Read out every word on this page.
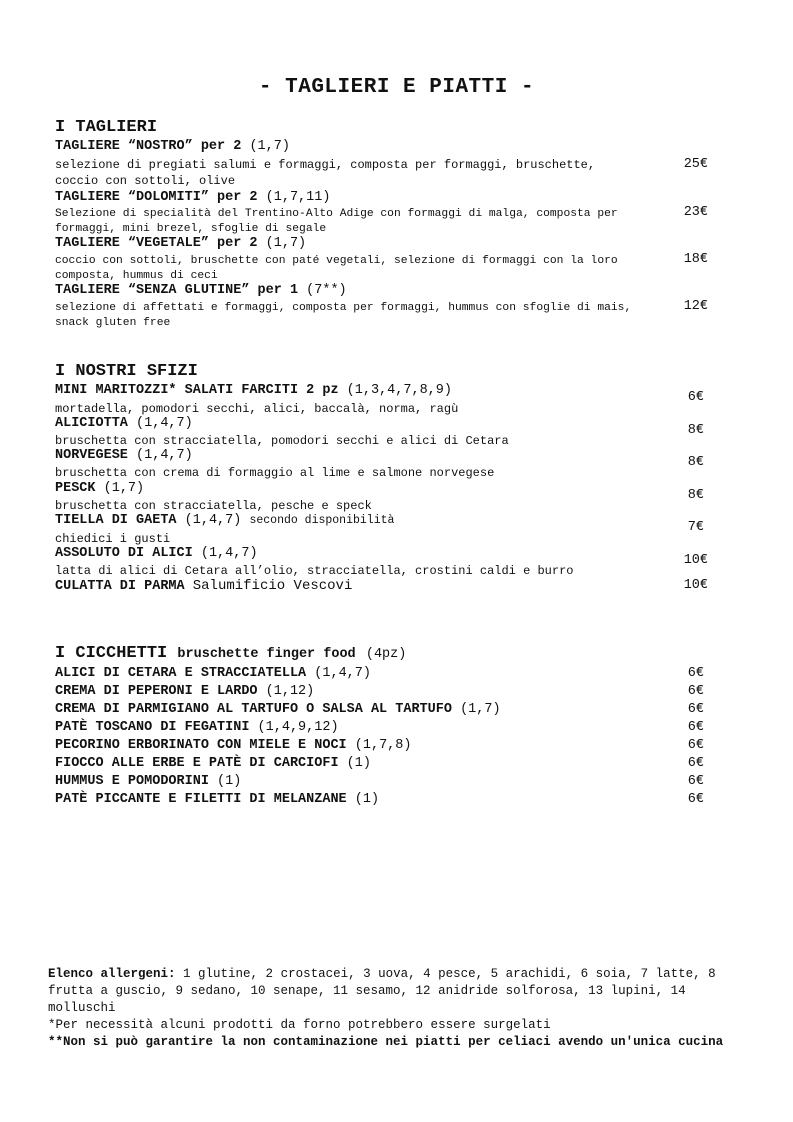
- TAGLIERI E PIATTI -
I TAGLIERI
TAGLIERE “NOSTRO” per 2 (1,7)
selezione di pregiati salumi e formaggi, composta per formaggi, bruschette, coccio con sottoli, olive
25€
TAGLIERE “DOLOMITI” per 2 (1,7,11)
Selezione di specialità del Trentino-Alto Adige con formaggi di malga, composta per formaggi, mini brezel, sfoglie di segale
23€
TAGLIERE “VEGETALE” per 2 (1,7)
coccio con sottoli, bruschette con paté vegetali, selezione di formaggi con la loro composta, hummus di ceci
18€
TAGLIERE “SENZA GLUTINE” per 1 (7**)
selezione di affettati e formaggi, composta per formaggi, hummus con sfoglie di mais, snack gluten free
12€
I NOSTRI SFIZI
MINI MARITOZZI* SALATI FARCITI 2 pz (1,3,4,7,8,9)
mortadella, pomodori secchi, alici, baccalà, norma, ragù
6€
ALICIOTTA (1,4,7)
bruschetta con stracciatella, pomodori secchi e alici di Cetara
8€
NORVEGESE (1,4,7)
bruschetta con crema di formaggio al lime e salmone norvegese
8€
PESCK (1,7)
bruschetta con stracciatella, pesche e speck
8€
TIELLA DI GAETA (1,4,7) secondo disponibilità
chiedici i gusti
7€
ASSOLUTO DI ALICI (1,4,7)
latta di alici di Cetara all’olio, stracciatella, crostini caldi e burro
10€
CULATTA DI PARMA Salumificio Vescovi	10€
I CICCHETTI bruschette finger food (4pz)
ALICI DI CETARA E STRACCIATELLA (1,4,7)	6€
CREMA DI PEPERONI E LARDO (1,12)	6€
CREMA DI PARMIGIANO AL TARTUFO O SALSA AL TARTUFO (1,7)	6€
PATÈ TOSCANO DI FEGATINI (1,4,9,12)	6€
PECORINO ERBORINATO CON MIELE E NOCI (1,7,8)	6€
FIOCCO ALLE ERBE E PATÈ DI CARCIOFI (1)	6€
HUMMUS E POMODORINI (1)	6€
PATÈ PICCANTE E FILETTI DI MELANZANE (1)	6€
Elenco allergeni: 1 glutine, 2 crostacei, 3 uova, 4 pesce, 5 arachidi, 6 soia, 7 latte, 8 frutta a guscio, 9 sedano, 10 senape, 11 sesamo, 12 anidride solforosa, 13 lupini, 14 molluschi
*Per necessità alcuni prodotti da forno potrebbero essere surgelati
**Non si può garantire la non contaminazione nei piatti per celiaci avendo un'unica cucina
